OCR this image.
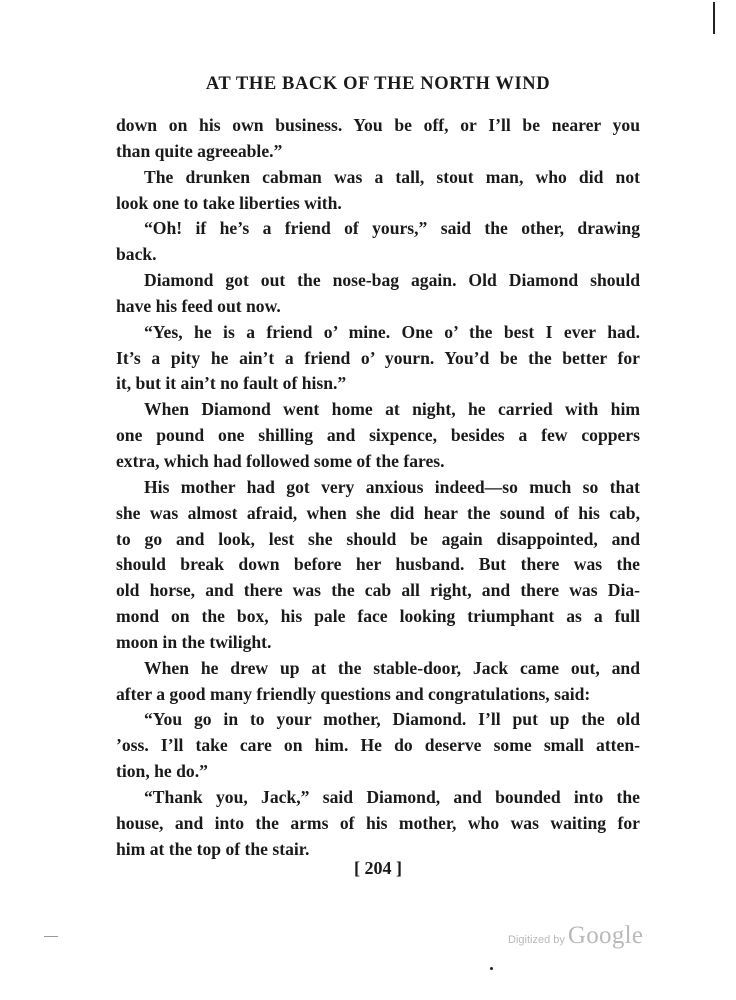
AT THE BACK OF THE NORTH WIND

down on his own business. You be off, or I’ll be nearer you
than quite agreeable.”

The drunken cabman was a tall, stout man, who did not
look one to take liberties with.

“Oh! if he’s a friend of yours,” said the other, drawing
back.

Diamond got out the nose-bag again. Old Diamond should
have his feed out now.

“Yes, he is a friend o’ mine. One o’ the best I ever had.
It’s a pity he ain’t a friend o’ yourn. You’d be the better for
it, but it ain’t no fault of hisn.”

When Diamond went home at night, he carried with him
one pound one shilling and sixpence, besides a few coppers
extra, which had followed some of the fares.

His mother had got very anxious indeed—so much so that
she was almost afraid, when she did hear the sound of his cab,
to go and look, lest she should be again disappointed, and
should break down before her husband. But there was the
old horse, and there was the cab all right, and there was Dia-
mond on the box, his pale face looking triumphant as a full
moon in the twilight.

When he drew up at the stable-door, Jack came out, and
after a good many friendly questions and congratulations, said:

“You go in to your mother, Diamond. I’ll put up the old
’oss. I’ll take care on him. He do deserve some small atten-
tion, he do.”

“Thank you, Jack,” said Diamond, and bounded into the
house, and into the arms of his mother, who was waiting for
him at the top of the stair.

[ 204 ]
Digitized by Google
